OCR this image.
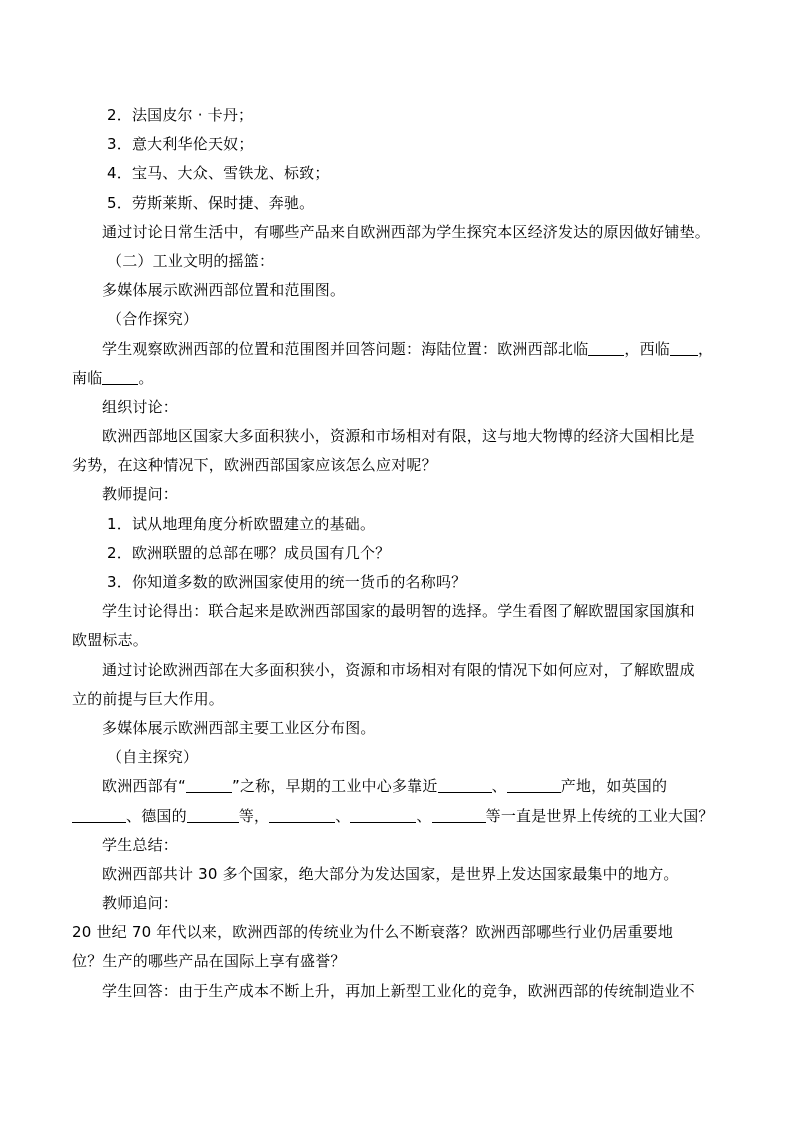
2．法国皮尔 · 卡丹；
3．意大利华伦天奴；
4．宝马、大众、雪铁龙、标致；
5．劳斯莱斯、保时捷、奔驰。
通过讨论日常生活中，有哪些产品来自欧洲西部为学生探究本区经济发达的原因做好铺垫。
（二）工业文明的摇篮：
多媒体展示欧洲西部位置和范围图。
（合作探究）
学生观察欧洲西部的位置和范围图并回答问题：海陆位置：欧洲西部北临 ，西临 ，
南临 。
组织讨论：
欧洲西部地区国家大多面积狭小，资源和市场相对有限，这与地大物博的经济大国相比是
劣势，在这种情况下，欧洲西部国家应该怎么应对呢？
教师提问：
1．试从地理角度分析欧盟建立的基础。
2．欧洲联盟的总部在哪？成员国有几个？
3．你知道多数的欧洲国家使用的统一货币的名称吗？
学生讨论得出：联合起来是欧洲西部国家的最明智的选择。学生看图了解欧盟国家国旗和
欧盟标志。
通过讨论欧洲西部在大多面积狭小，资源和市场相对有限的情况下如何应对，了解欧盟成
立的前提与巨大作用。
多媒体展示欧洲西部主要工业区分布图。
（自主探究）
欧洲西部有“	”之称，早期的工业中心多靠近	、	产地，如英国的
、德国的	等，	、	、	等一直是世界上传统的工业大国？
学生总结：
欧洲西部共计 30 多个国家，绝大部分为发达国家，是世界上发达国家最集中的地方。
教师追问：
20 世纪 70 年代以来，欧洲西部的传统业为什么不断衰落？欧洲西部哪些行业仍居重要地
位？生产的哪些产品在国际上享有盛誉？
学生回答：由于生产成本不断上升，再加上新型工业化的竞争，欧洲西部的传统制造业不
